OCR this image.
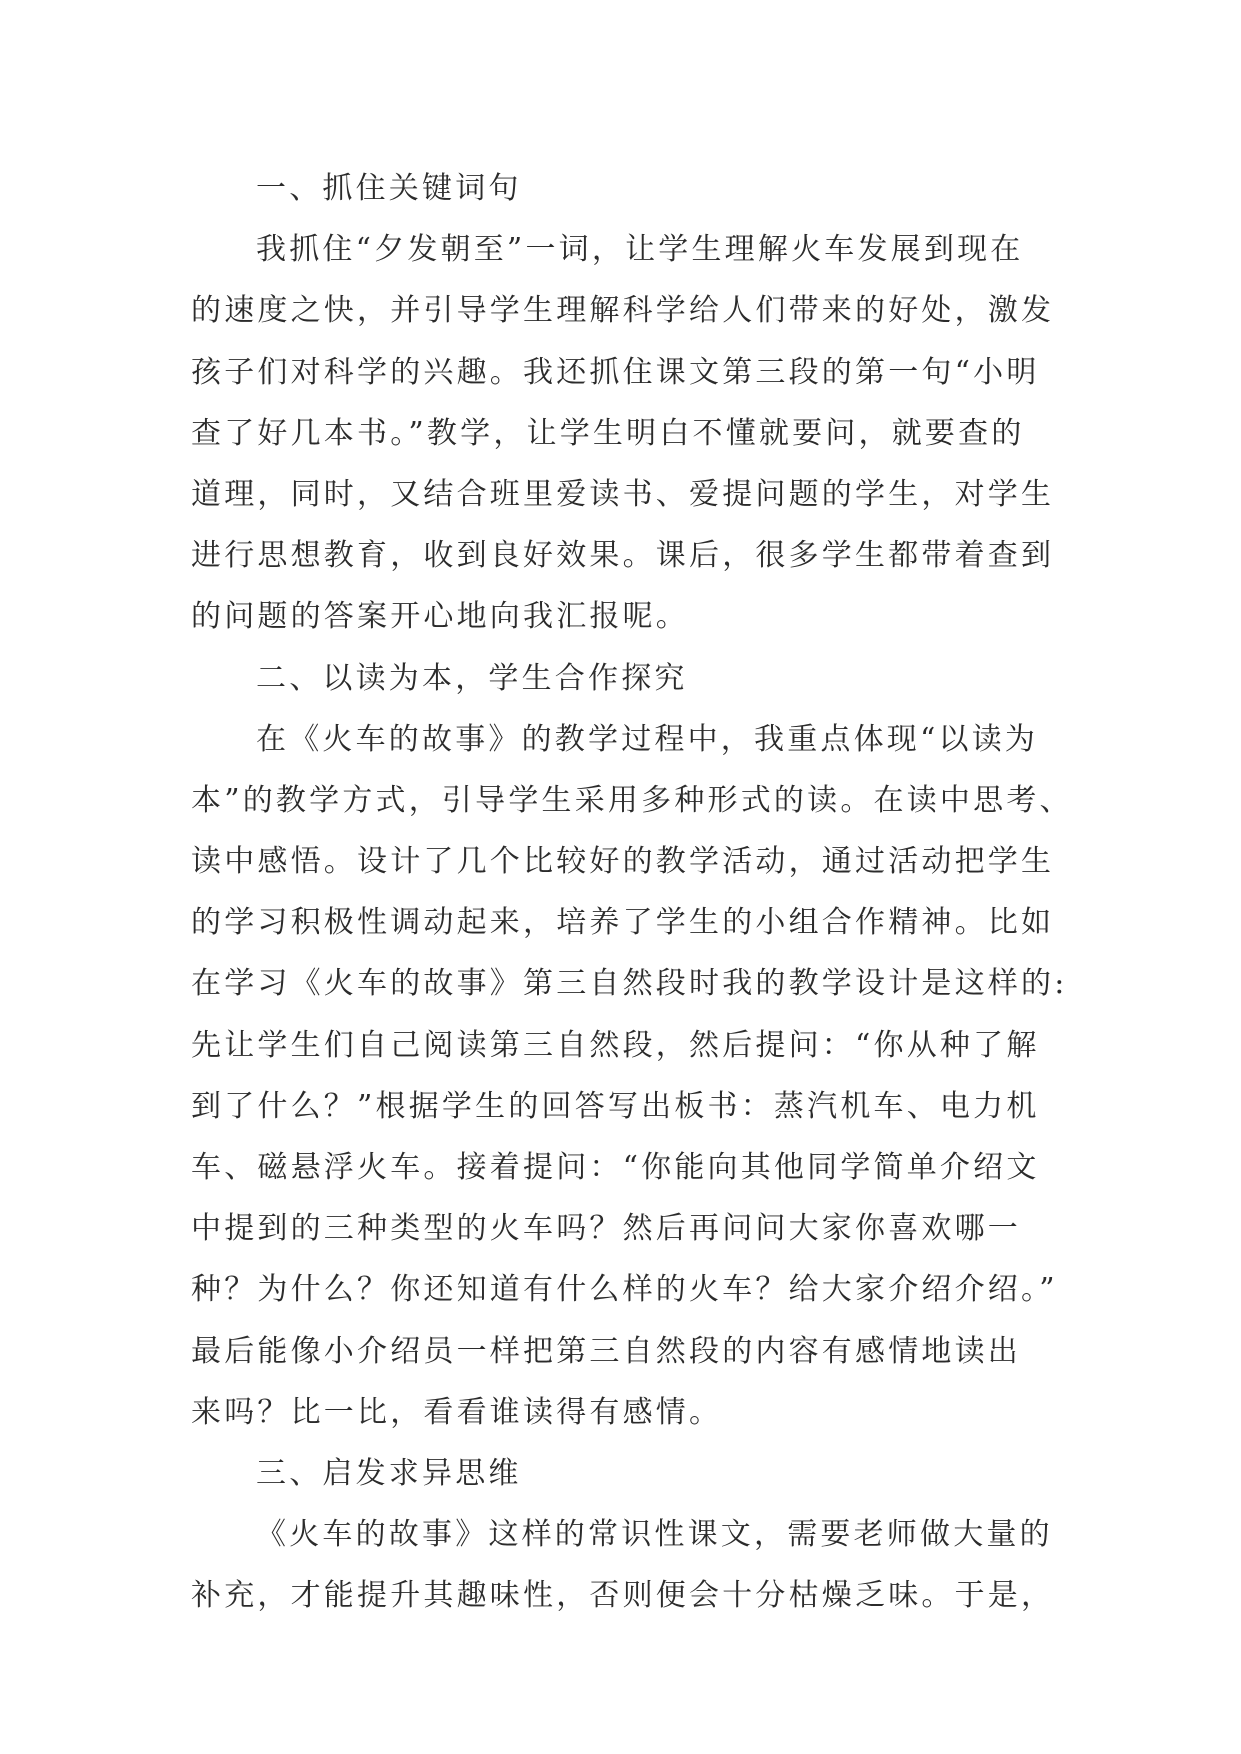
一、抓住关键词句
我抓住“夕发朝至”一词，让学生理解火车发展到现在
的速度之快，并引导学生理解科学给人们带来的好处，激发
孩子们对科学的兴趣。我还抓住课文第三段的第一句“小明
查了好几本书。”教学，让学生明白不懂就要问，就要查的
道理，同时，又结合班里爱读书、爱提问题的学生，对学生
进行思想教育，收到良好效果。课后，很多学生都带着查到
的问题的答案开心地向我汇报呢。
二、以读为本，学生合作探究
在《火车的故事》的教学过程中，我重点体现“以读为
本”的教学方式，引导学生采用多种形式的读。在读中思考、
读中感悟。设计了几个比较好的教学活动，通过活动把学生
的学习积极性调动起来，培养了学生的小组合作精神。比如
在学习《火车的故事》第三自然段时我的教学设计是这样的:
先让学生们自己阅读第三自然段，然后提问：“你从种了解
到了什么？”根据学生的回答写出板书：蒸汽机车、电力机
车、磁悬浮火车。接着提问：“你能向其他同学简单介绍文
中提到的三种类型的火车吗？然后再问问大家你喜欢哪一
种？为什么？你还知道有什么样的火车？给大家介绍介绍。”
最后能像小介绍员一样把第三自然段的内容有感情地读出
来吗？比一比，看看谁读得有感情。
三、启发求异思维
《火车的故事》这样的常识性课文，需要老师做大量的
补充，才能提升其趣味性，否则便会十分枯燥乏味。于是，
